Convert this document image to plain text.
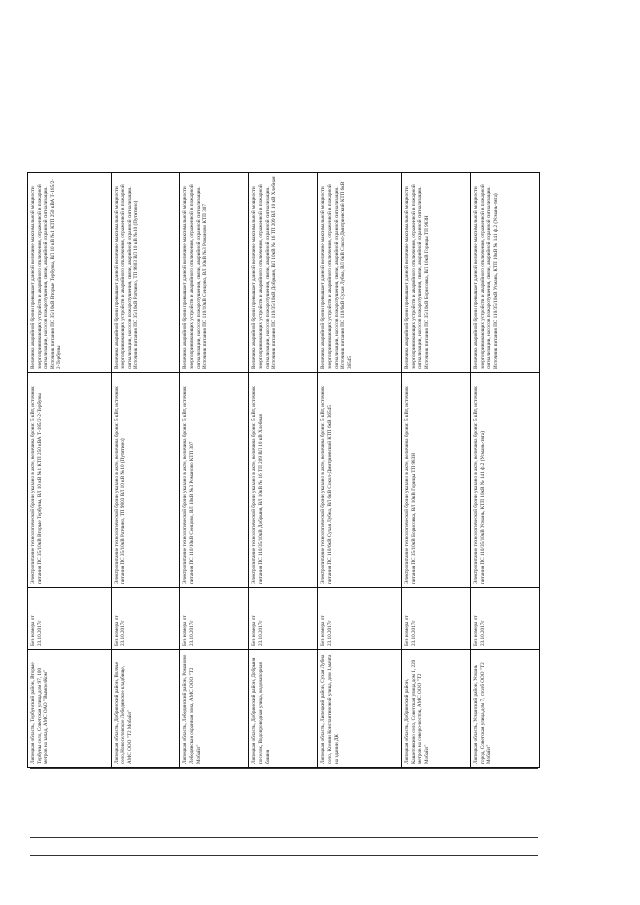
Липецкая область, Тербунский район, Вторые Тербуны село, Советская улица,дом 97, 100 метров на запад, АМС ОАО "ВымпелКом"	Без номера от 23.10.2017г	Электропитание технологической брони указано в акте, величина брони: 5 кВт, источник питания ПС 35/10кВ Вторые Тербуны, ВЛ 10 кВ №1 КТП 250 кВА Т-185/2-2-Тербуны	Величина аварийной брони превышает данной величине максимальной мощности энергопринимающих устройств и аварийного отключения, отраженной в пожарной сигнализации, насосов пожаротушения, связи, аварийной охранной сигнализации. Источник питания ПС 35/10кВ Вторые Тербуны, ВЛ 10 кВ №1 КТП 250 кВА Т-185/2-2-Тербуны
Липецкая область, Добринский район, Волчье село,Новоселовское Лебедянское кладбище, АМС ООО "Т2 Мобайл"	Без номера от 23.10.2017г	Электропитание технологической брони указано в акте, величина брони: 5 кВт, источник питания ПС 35/10кВ Ратчино, ТП 9803 ВЛ 10 кВ №10 (Путятино)	Величина аварийной брони превышает данной величине максимальной мощности энергопринимающих устройств и аварийного отключения, отраженной в пожарной сигнализации, насосов пожаротушения, связи, аварийной охранной сигнализации. Источник питания ПС 35/10кВ Ратчино, ТП 9803 ВЛ 10 кВ №10 (Путятино)
Липецкая область, Лебединский район, Романово Лебедянская охранная зона, АМС ООО "Т2 Мобайл"	Без номера от 23.10.2017г	Электропитание технологической брони указано в акте, величина брони: 5 кВт, источник питания ПС 110/10кВ Сенцово, ВЛ 10кВ №3 Романово КТП 307	Величина аварийной брони превышает данной величине максимальной мощности энергопринимающих устройств и аварийного отключения, отраженной в пожарной сигнализации, насосов пожаротушения, связи, аварийной охранной сигнализации. Источник питания ПС 110/10кВ Сенцово, ВЛ 10кВ №3 Романово КТП 307
Липецкая область, Добринский район, Добрыня поселок, Водопроводная улица, водонапорная башня	Без номера от 23.10.2017г	Электропитание технологической брони указано в акте, величина брони: 5 кВт, источник питания ПС 110/35/10кВ Добрыня, ВЛ 10кВ № 16 ТП 209 ВЛ 10 кВ Хлебная	Величина аварийной брони превышает данной величине максимальной мощности энергопринимающих устройств и аварийного отключения, отраженной в пожарной сигнализации, насосов пожаротушения, связи, аварийной охранной сигнализации. Источник питания ПС 110/35/10кВ Добрыня, ВЛ 10кВ № 16 ТП 209 ВЛ 10 кВ Хлебная
Липецкая область, Липецкий район, Сухая Лубна село, Ксении Константиновой улица, дом 1,мачта на здании ДК	Без номера от 23.10.2017г	Электропитание технологической брони указано в акте, величина брони: 5 кВт, источник питания ПС 110/6кВ Сухая Лубна, ВЛ 6кВ Сокол-Дмитриевский КТП 6кВ 36545	Величина аварийной брони превышает данной величине максимальной мощности энергопринимающих устройств и аварийного отключения, отраженной в пожарной сигнализации, насосов пожаротушения, связи, аварийной охранной сигнализации. Источник питания ПС 110/6кВ Сухая Лубна, ВЛ 6кВ Сокол-Дмитриевский КТП 6кВ 36545
Липецкая область, Добринский район, Кашетовкино село, Советская улица,дом 1, 220 метров на северо-восток, АМС ООО "Т2 Мобайл"	Без номера от 23.10.2017г	Электропитание технологической брони указано в акте, величина брони: 5 кВт, источник питания ПС 35/10кВ Борисовка, ВЛ 10кВ Горицы ТП 983Н	Величина аварийной брони превышает данной величине максимальной мощности энергопринимающих устройств и аварийного отключения, отраженной в пожарной сигнализации, насосов пожаротушения, связи, аварийной охранной сигнализации. Источник питания ПС 35/10кВ Борисовка, ВЛ 10кВ Горицы ТП 983Н
Липецкая область, Усманский район, Усмань город, Советская улица,дом 7, столб ООО "Т2 Мобайл"	Без номера от 23.10.2017г	Электропитание технологической брони указано в акте, величина брони: 5 кВт, источник питания ПС 110/35/10кВ Усмань, КТП 10кВ № 141 ф.2 (Усмань-тяга)	Величина аварийной брони превышает данной величине максимальной мощности энергопринимающих устройств и аварийного отключения, отраженной в пожарной сигнализации, насосов пожаротушения, связи, аварийной охранной сигнализации. Источник питания ПС 110/35/10кВ Усмань, КТП 10кВ № 141 ф.2 (Усмань-тяга)
